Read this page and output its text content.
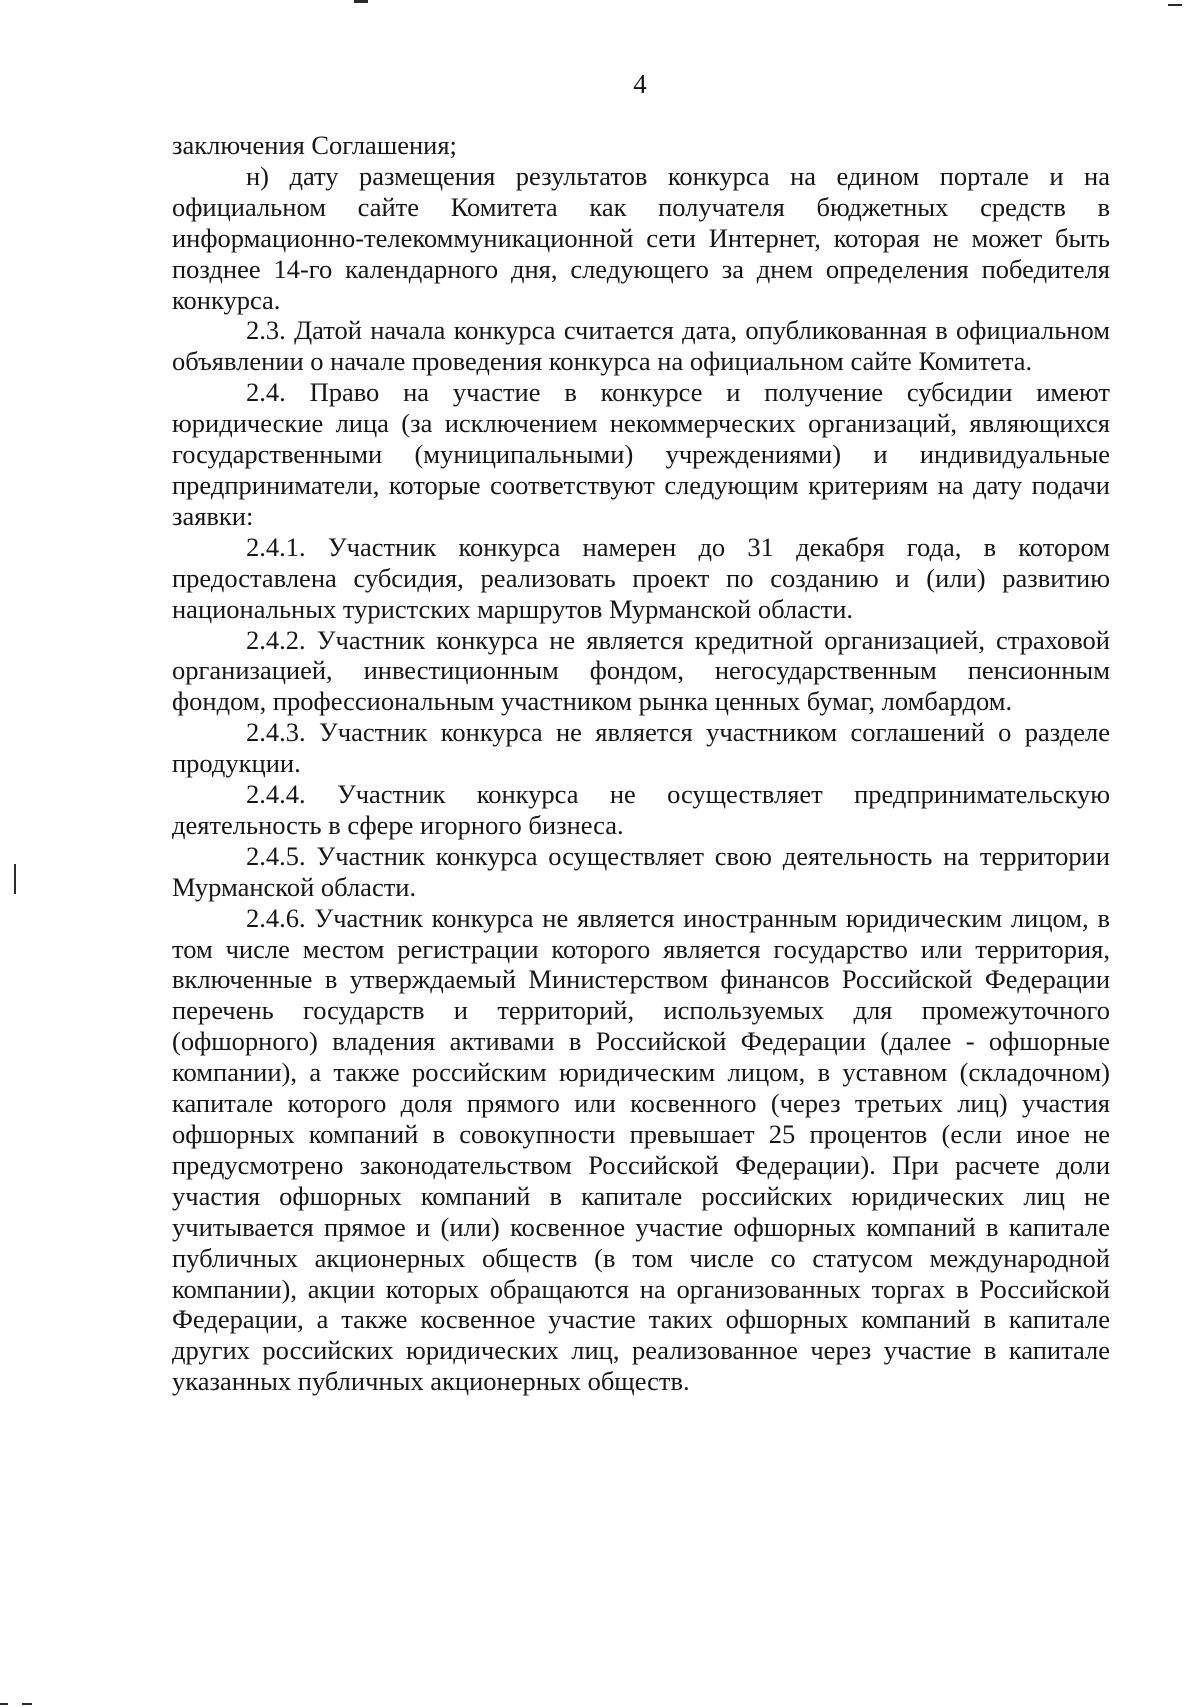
4

заключения Соглашения;

н) дату размещения результатов конкурса на едином портале и на официальном сайте Комитета как получателя бюджетных средств в информационно-телекоммуникационной сети Интернет, которая не может быть позднее 14-го календарного дня, следующего за днем определения победителя конкурса.

2.3. Датой начала конкурса считается дата, опубликованная в официальном объявлении о начале проведения конкурса на официальном сайте Комитета.

2.4. Право на участие в конкурсе и получение субсидии имеют юридические лица (за исключением некоммерческих организаций, являющихся государственными (муниципальными) учреждениями) и индивидуальные предприниматели, которые соответствуют следующим критериям на дату подачи заявки:

2.4.1. Участник конкурса намерен до 31 декабря года, в котором предоставлена субсидия, реализовать проект по созданию и (или) развитию национальных туристских маршрутов Мурманской области.

2.4.2. Участник конкурса не является кредитной организацией, страховой организацией, инвестиционным фондом, негосударственным пенсионным фондом, профессиональным участником рынка ценных бумаг, ломбардом.

2.4.3. Участник конкурса не является участником соглашений о разделе продукции.

2.4.4. Участник конкурса не осуществляет предпринимательскую деятельность в сфере игорного бизнеса.

2.4.5. Участник конкурса осуществляет свою деятельность на территории Мурманской области.

2.4.6. Участник конкурса не является иностранным юридическим лицом, в том числе местом регистрации которого является государство или территория, включенные в утверждаемый Министерством финансов Российской Федерации перечень государств и территорий, используемых для промежуточного (офшорного) владения активами в Российской Федерации (далее - офшорные компании), а также российским юридическим лицом, в уставном (складочном) капитале которого доля прямого или косвенного (через третьих лиц) участия офшорных компаний в совокупности превышает 25 процентов (если иное не предусмотрено законодательством Российской Федерации). При расчете доли участия офшорных компаний в капитале российских юридических лиц не учитывается прямое и (или) косвенное участие офшорных компаний в капитале публичных акционерных обществ (в том числе со статусом международной компании), акции которых обращаются на организованных торгах в Российской Федерации, а также косвенное участие таких офшорных компаний в капитале других российских юридических лиц, реализованное через участие в капитале указанных публичных акционерных обществ.
